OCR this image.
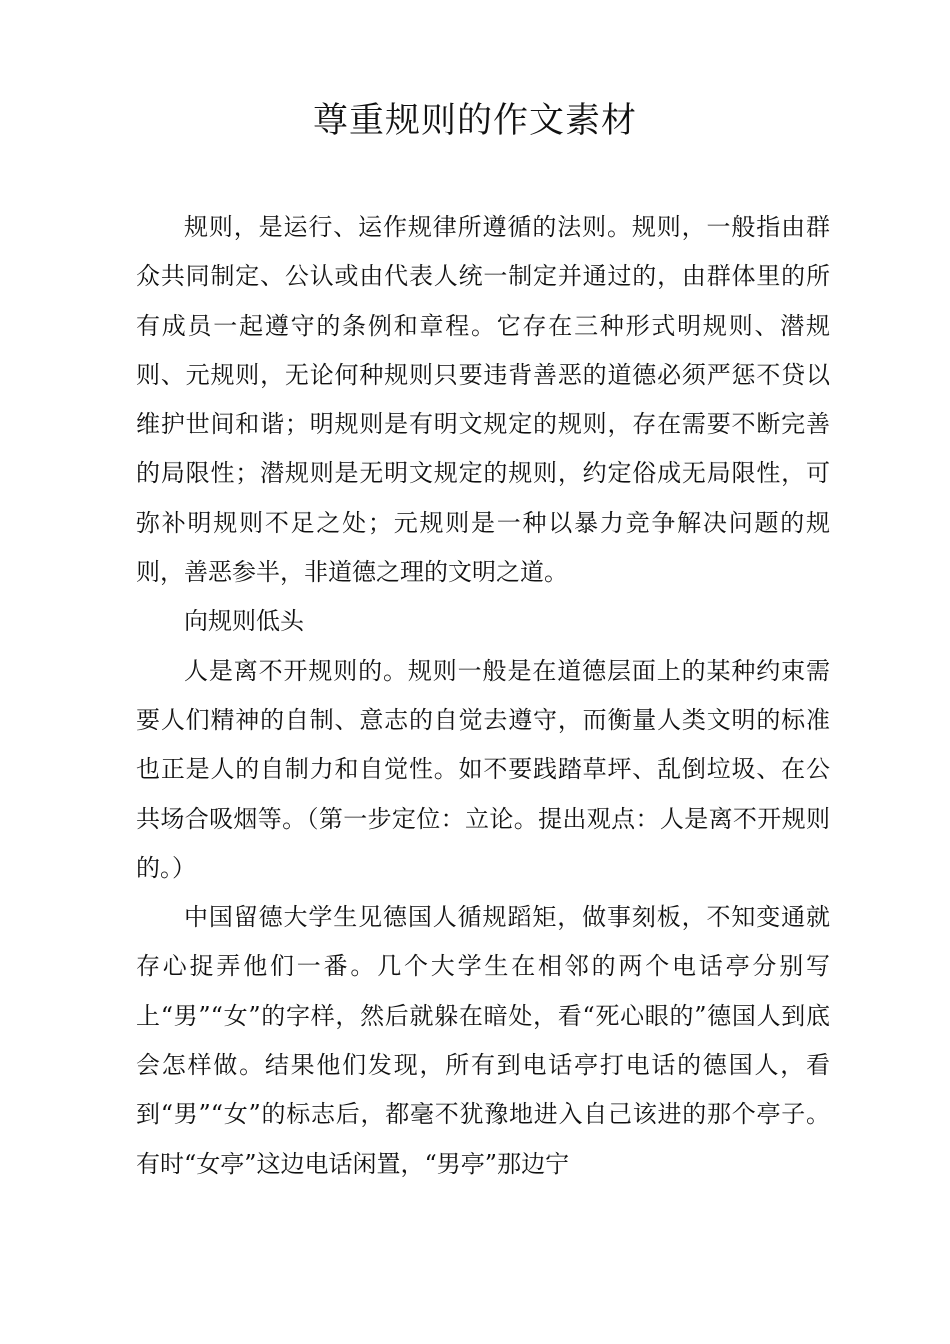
尊重规则的作文素材

规则，是运行、运作规律所遵循的法则。规则，一般指由群众共同制定、公认或由代表人统一制定并通过的，由群体里的所有成员一起遵守的条例和章程。它存在三种形式明规则、潜规则、元规则，无论何种规则只要违背善恶的道德必须严惩不贷以维护世间和谐；明规则是有明文规定的规则，存在需要不断完善的局限性；潜规则是无明文规定的规则，约定俗成无局限性，可弥补明规则不足之处；元规则是一种以暴力竞争解决问题的规则，善恶参半，非道德之理的文明之道。

向规则低头

人是离不开规则的。规则一般是在道德层面上的某种约束需要人们精神的自制、意志的自觉去遵守，而衡量人类文明的标准也正是人的自制力和自觉性。如不要践踏草坪、乱倒垃圾、在公共场合吸烟等。（第一步定位：立论。提出观点：人是离不开规则的。）

中国留德大学生见德国人循规蹈矩，做事刻板，不知变通就存心捉弄他们一番。几个大学生在相邻的两个电话亭分别写上“男”“女”的字样，然后就躲在暗处，看“死心眼的”德国人到底会怎样做。结果他们发现，所有到电话亭打电话的德国人，看到“男”“女”的标志后，都毫不犹豫地进入自己该进的那个亭子。有时“女亭”这边电话闲置，“男亭”那边宁
